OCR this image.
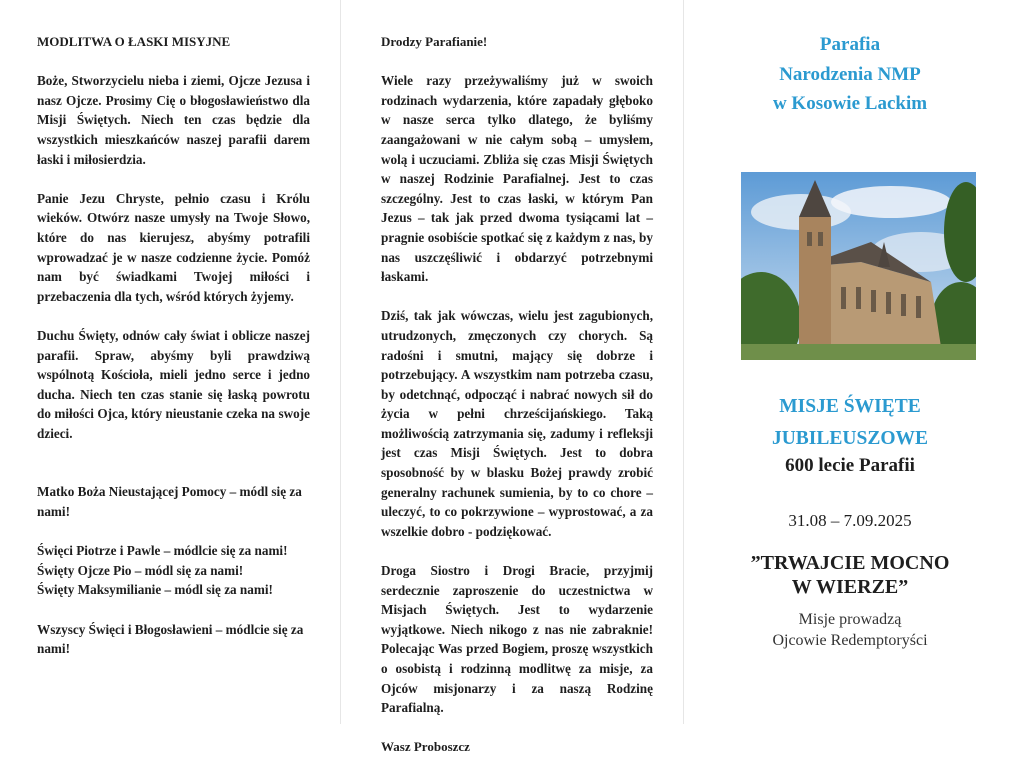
MODLITWA O ŁASKI MISYJNE

Boże, Stworzycielu nieba i ziemi, Ojcze Jezusa i nasz Ojcze. Prosimy Cię o błogosławieństwo dla Misji Świętych. Niech ten czas będzie dla wszystkich mieszkańców naszej parafii darem łaski i miłosierdzia.

Panie Jezu Chryste, pełnio czasu i Królu wieków. Otwórz nasze umysły na Twoje Słowo, które do nas kierujesz, abyśmy potrafili wprowadzać je w nasze codzienne życie. Pomóż nam być świadkami Twojej miłości i przebaczenia dla tych, wśród których żyjemy.

Duchu Święty, odnów cały świat i oblicze naszej parafii. Spraw, abyśmy byli prawdziwą wspólnotą Kościoła, mieli jedno serce i jedno ducha. Niech ten czas stanie się łaską powrotu do miłości Ojca, który nieustanie czeka na swoje dzieci.

Matko Boża Nieustającej Pomocy – módl się za nami!

Święci Piotrze i Pawle – módlcie się za nami!

Święty Ojcze Pio – módl się za nami!

Święty Maksymilianie – módl się za nami!

Wszyscy Święci i Błogosławieni – módlcie się za nami!

Drodzy Parafianie!

Wiele razy przeżywaliśmy już w swoich rodzinach wydarzenia, które zapadały głęboko w nasze serca tylko dlatego, że byliśmy zaangażowani w nie całym sobą – umysłem, wolą i uczuciami. Zbliża się czas Misji Świętych w naszej Rodzinie Parafialnej. Jest to czas szczególny. Jest to czas łaski, w którym Pan Jezus – tak jak przed dwoma tysiącami lat – pragnie osobiście spotkać się z każdym z nas, by nas uszczęśliwić i obdarzyć potrzebnymi łaskami.

Dziś, tak jak wówczas, wielu jest zagubionych, utrudzonych, zmęczonych czy chorych. Są radośni i smutni, mający się dobrze i potrzebujący. A wszystkim nam potrzeba czasu, by odetchnąć, odpocząć i nabrać nowych sił do życia w pełni chrześcijańskiego. Taką możliwością zatrzymania się, zadumy i refleksji jest czas Misji Świętych. Jest to dobra sposobność by w blasku Bożej prawdy zrobić generalny rachunek sumienia, by to co chore – uleczyć, to co pokrzywione – wyprostować, a za wszelkie dobro - podziękować.

Droga Siostro i Drogi Bracie, przyjmij serdecznie zaproszenie do uczestnictwa w Misjach Świętych. Jest to wydarzenie wyjątkowe. Niech nikogo z nas nie zabraknie! Polecając Was przed Bogiem, proszę wszystkich o osobistą i rodzinną modlitwę za misje, za Ojców misjonarzy i za naszą Rodzinę Parafialną.

Wasz Proboszcz

Parafia
Narodzenia NMP
w Kosowie Lackim
MISJE ŚWIĘTE
JUBILEUSZOWE
600 lecie Parafii
31.08 – 7.09.2025
”TRWAJCIE MOCNO
W WIERZE”
Misje prowadzą
Ojcowie Redemptoryści
